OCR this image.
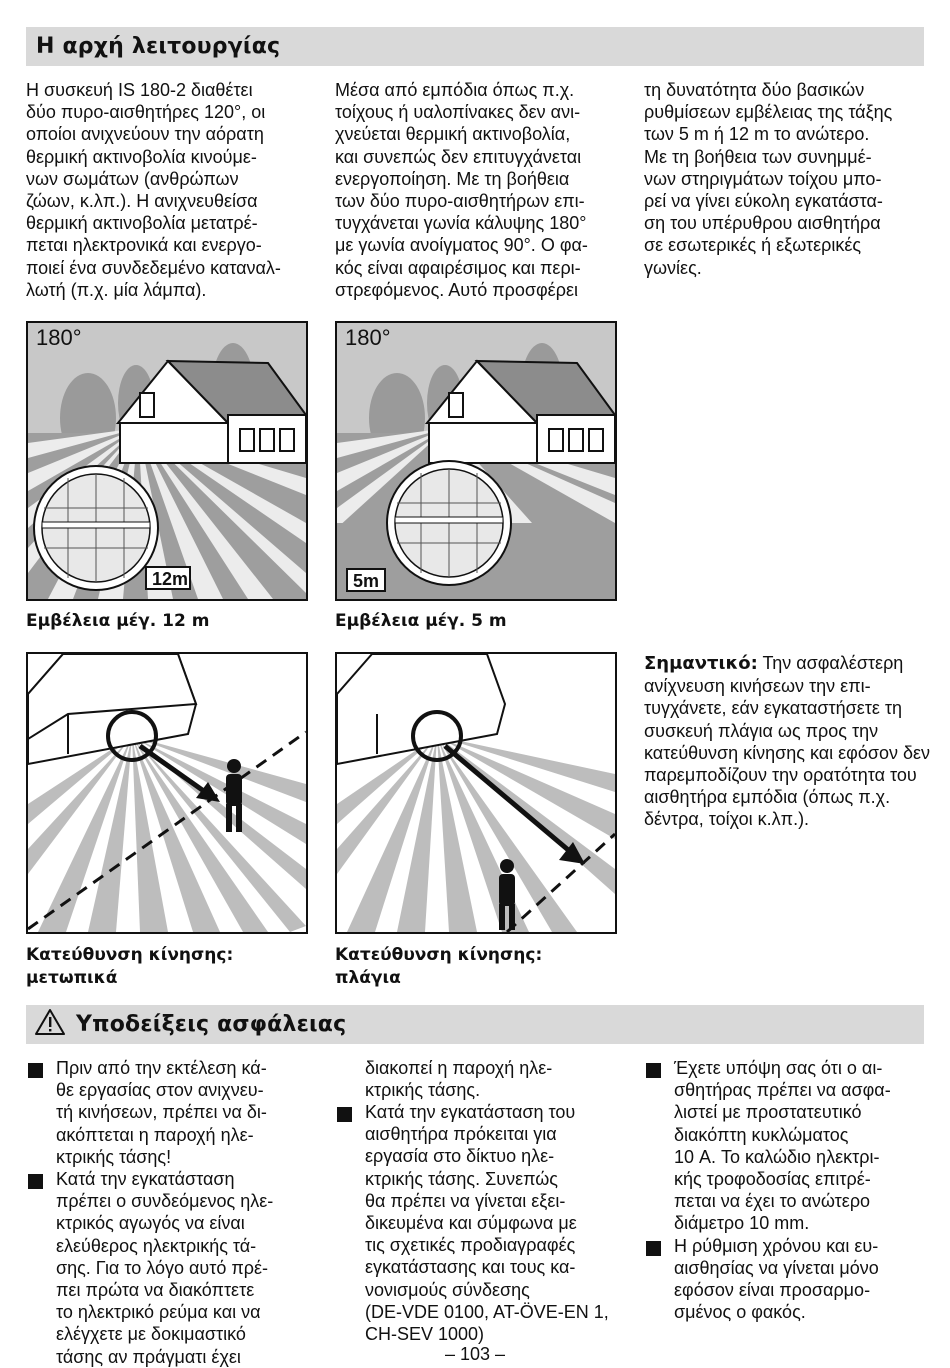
Η αρχή λειτουργίας

Η συσκευή IS 180-2 διαθέτει
δύο πυρο-αισθητήρες 120°, οι
οποίοι ανιχνεύουν την αόρατη
θερμική ακτινοβολία κινούμε-
νων σωμάτων (ανθρώπων
ζώων, κ.λπ.). Η ανιχνευθείσα
θερμική ακτινοβολία μετατρέ-
πεται ηλεκτρονικά και ενεργο-
ποιεί ένα συνδεδεμένο καταναλ-
λωτή (π.χ. μία λάμπα).

Μέσα από εμπόδια όπως π.χ.
τοίχους ή υαλοπίνακες δεν ανι-
χνεύεται θερμική ακτινοβολία,
και συνεπώς δεν επιτυγχάνεται
ενεργοποίηση. Με τη βοήθεια
των δύο πυρο-αισθητήρων επι-
τυγχάνεται γωνία κάλυψης 180°
με γωνία ανοίγματος 90°. Ο φα-
κός είναι αφαιρέσιμος και περι-
στρεφόμενος. Αυτό προσφέρει

τη δυνατότητα δύο βασικών
ρυθμίσεων εμβέλειας της τάξης
των 5 m ή 12 m το ανώτερο.
Με τη βοήθεια των συνημμέ-
νων στηριγμάτων τοίχου μπο-
ρεί να γίνει εύκολη εγκατάστα-
ση του υπέρυθρου αισθητήρα
σε εσωτερικές ή εξωτερικές
γωνίες.

180°
12m
180°
5m

Εμβέλεια μέγ. 12 m	Εμβέλεια μέγ. 5 m

Κατεύθυνση κίνησης:
μετωπικά

Κατεύθυνση κίνησης:
πλάγια

Σημαντικό: Την ασφαλέστερη ανίχνευση κινήσεων την επι-τυγχάνετε, εάν εγκαταστήσετε τη συσκευή πλάγια ως προς την κατεύθυνση κίνησης και εφόσον δεν παρεμποδίζουν την ορατότητα του αισθητήρα εμπόδια (όπως π.χ. δέντρα, τοίχοι κ.λπ.).

Υποδείξεις ασφάλειας
Πριν από την εκτέλεση κά-
θε εργασίας στον ανιχνευ-
τή κινήσεων, πρέπει να δι-
ακόπτεται η παροχή ηλε-
κτρικής τάσης!
Κατά την εγκατάσταση
πρέπει ο συνδεόμενος ηλε-
κτρικός αγωγός να είναι
ελεύθερος ηλεκτρικής τά-
σης. Για το λόγο αυτό πρέ-
πει πρώτα να διακόπτετε
το ηλεκτρικό ρεύμα και να
ελέγχετε με δοκιμαστικό
τάσης αν πράγματι έχει

διακοπεί η παροχή ηλε-
κτρικής τάσης.

Κατά την εγκατάσταση του
αισθητήρα πρόκειται για
εργασία στο δίκτυο ηλε-
κτρικής τάσης. Συνεπώς
θα πρέπει να γίνεται εξει-
δικευμένα και σύμφωνα με
τις σχετικές προδιαγραφές
εγκατάστασης και τους κα-
νονισμούς σύνδεσης
(DE-VDE 0100, AT-ÖVE-EN 1,
CH-SEV 1000)
Έχετε υπόψη σας ότι ο αι-
σθητήρας πρέπει να ασφα-
λιστεί με προστατευτικό
διακόπτη κυκλώματος
10 A. Το καλώδιο ηλεκτρι-
κής τροφοδοσίας επιτρέ-
πεται να έχει το ανώτερο
διάμετρο 10 mm.
Η ρύθμιση χρόνου και ευ-
αισθησίας να γίνεται μόνο
εφόσον είναι προσαρμο-
σμένος ο φακός.
– 103 –
